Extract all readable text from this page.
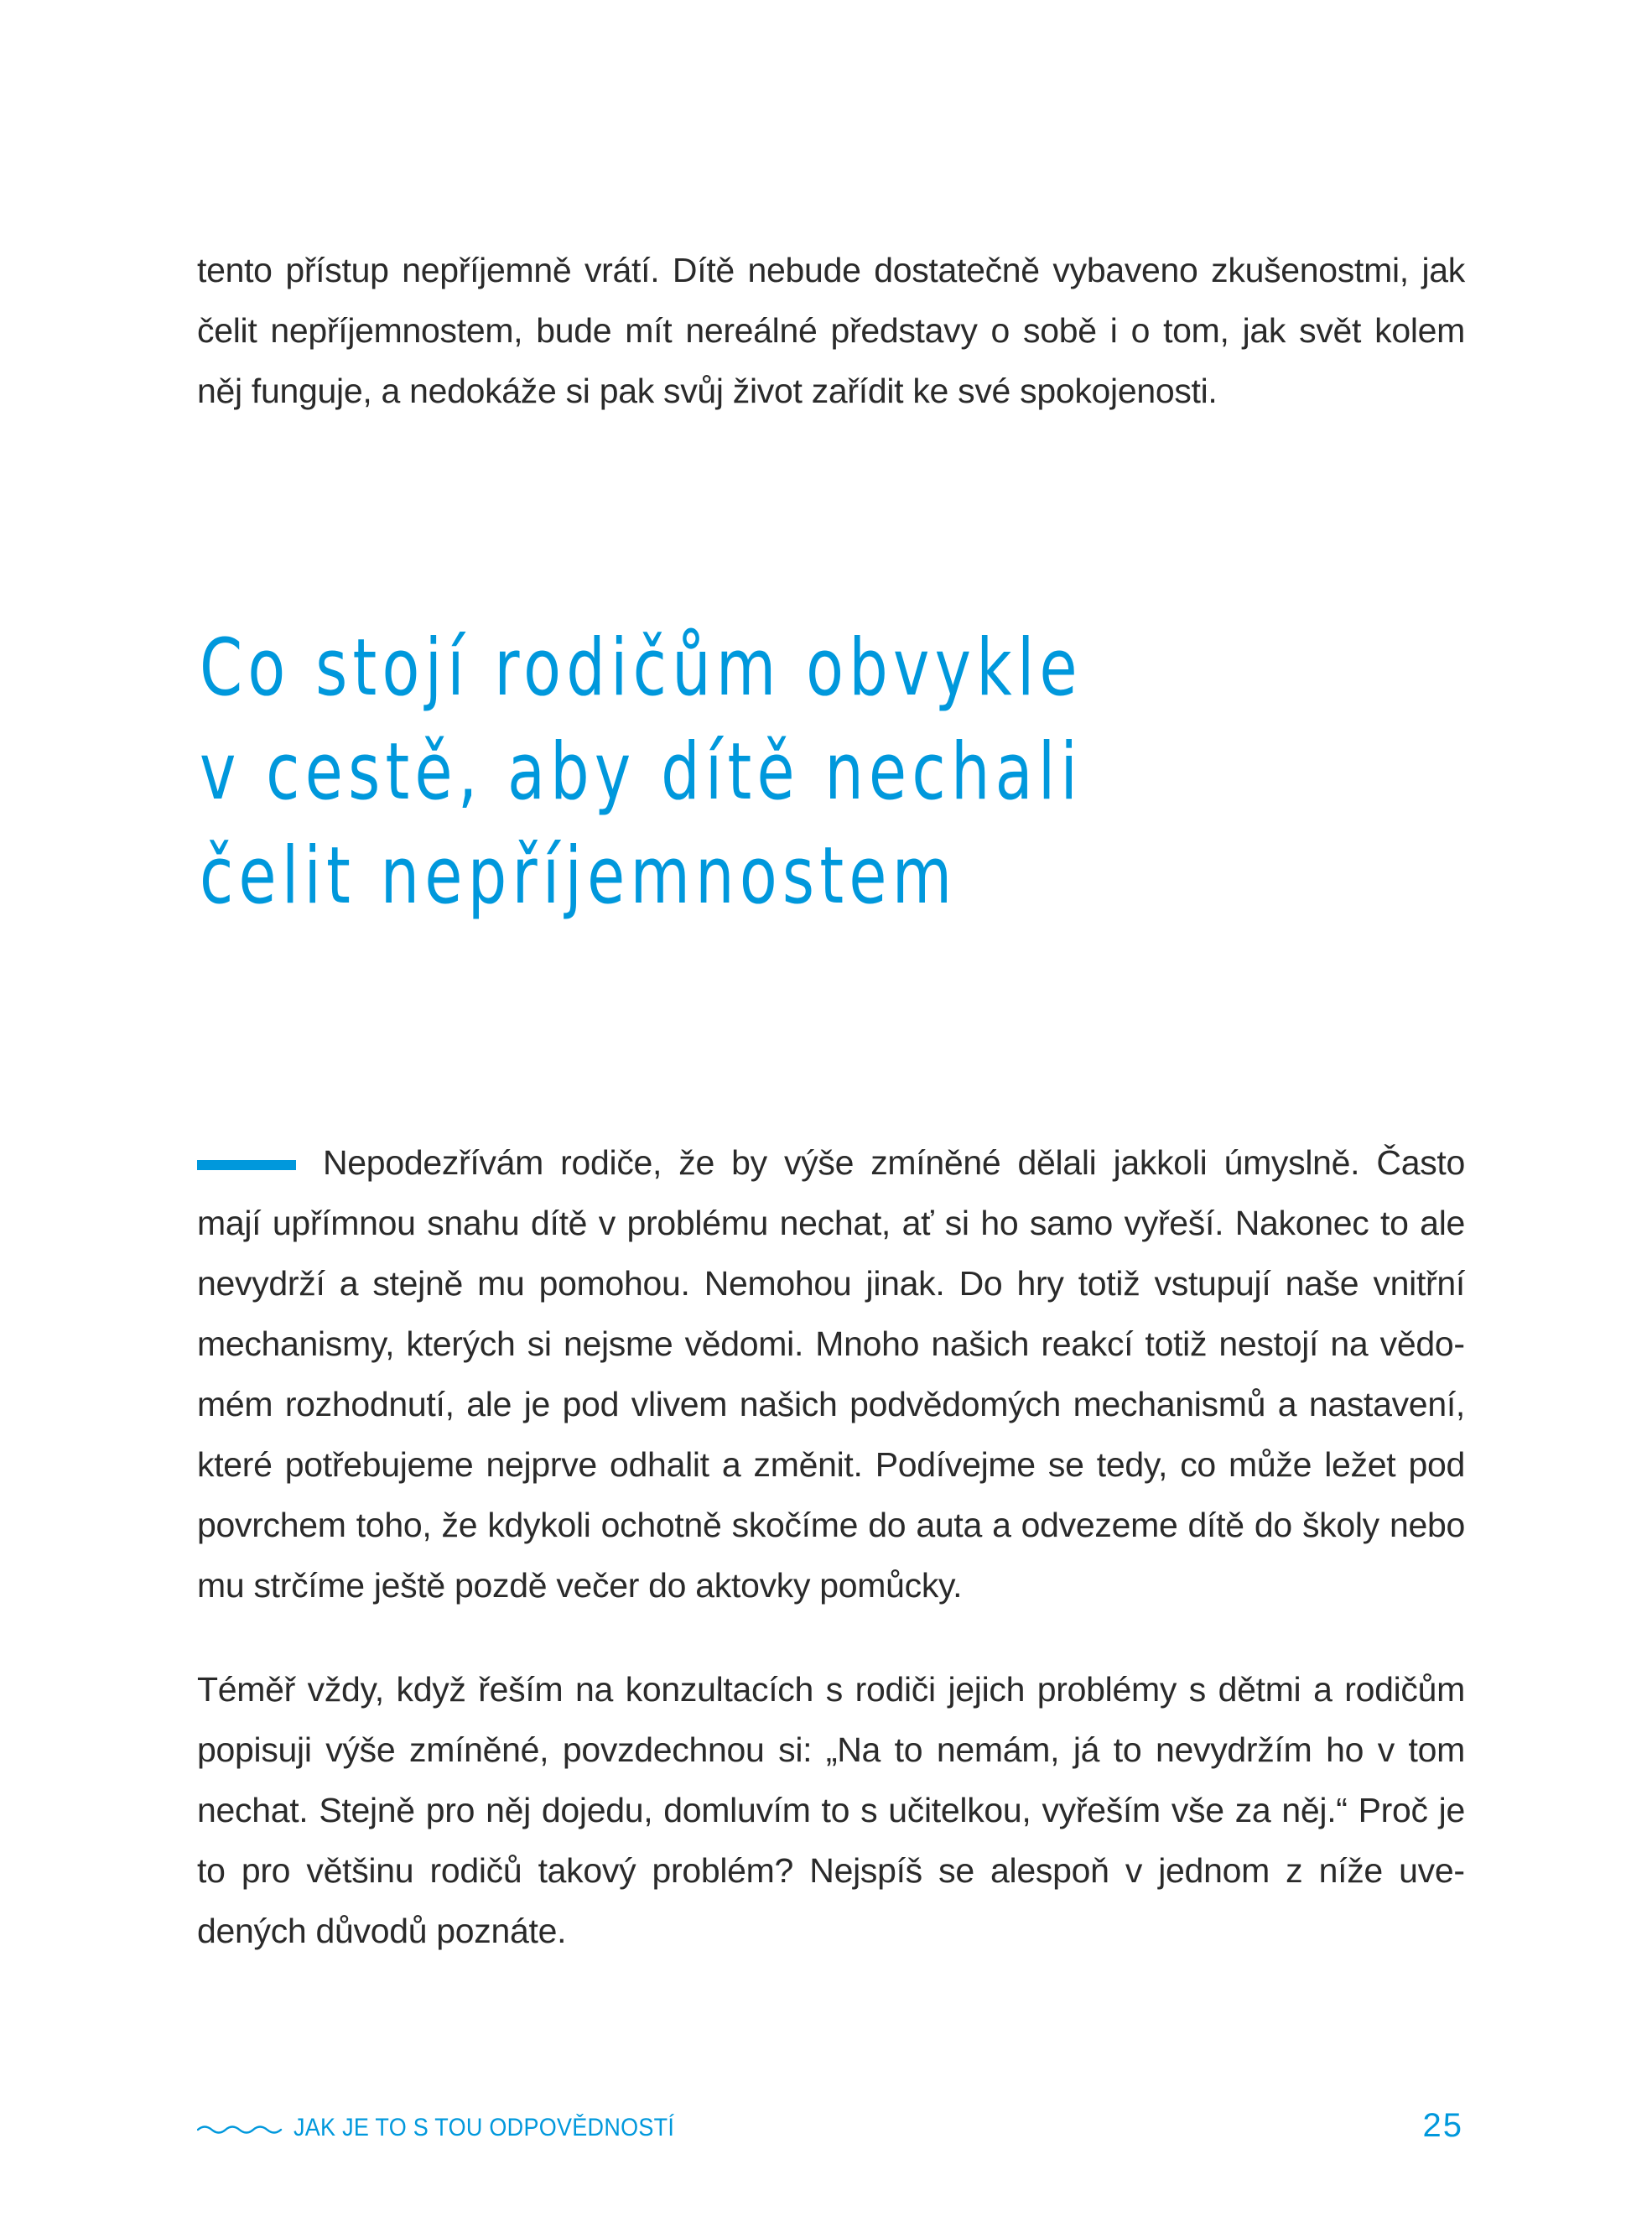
tento přístup nepříjemně vrátí. Dítě nebude dostatečně vybaveno zkušenostmi, jak čelit nepříjemnostem, bude mít nereálné představy o sobě i o tom, jak svět kolem něj funguje, a nedokáže si pak svůj život zařídit ke své spokojenosti.

Co stojí rodičům obvykle v cestě, aby dítě nechali čelit nepříjemnostem

Nepodezřívám rodiče, že by výše zmíněné dělali jakkoli úmyslně. Často mají upřímnou snahu dítě v problému nechat, ať si ho samo vyřeší. Nakonec to ale nevydrží a stejně mu pomohou. Nemohou jinak. Do hry totiž vstupují naše vnitřní mechanismy, kterých si nejsme vědomi. Mnoho našich reakcí totiž nestojí na vědomém rozhodnutí, ale je pod vlivem našich podvědomých mechanismů a nastavení, které potřebujeme nejprve odhalit a změnit. Podívejme se tedy, co může ležet pod povrchem toho, že kdykoli ochotně skočíme do auta a odvezeme dítě do školy nebo mu strčíme ještě pozdě večer do aktovky pomůcky.

Téměř vždy, když řeším na konzultacích s rodiči jejich problémy s dětmi a rodičům popisuji výše zmíněné, povzdechnou si: „Na to nemám, já to nevydržím ho v tom nechat. Stejně pro něj dojedu, domluvím to s učitelkou, vyřeším vše za něj.“ Proč je to pro většinu rodičů takový problém? Nejspíš se alespoň v jednom z níže uvedených důvodů poznáte.

JAK JE TO S TOU ODPOVĚDNOSTÍ	25
